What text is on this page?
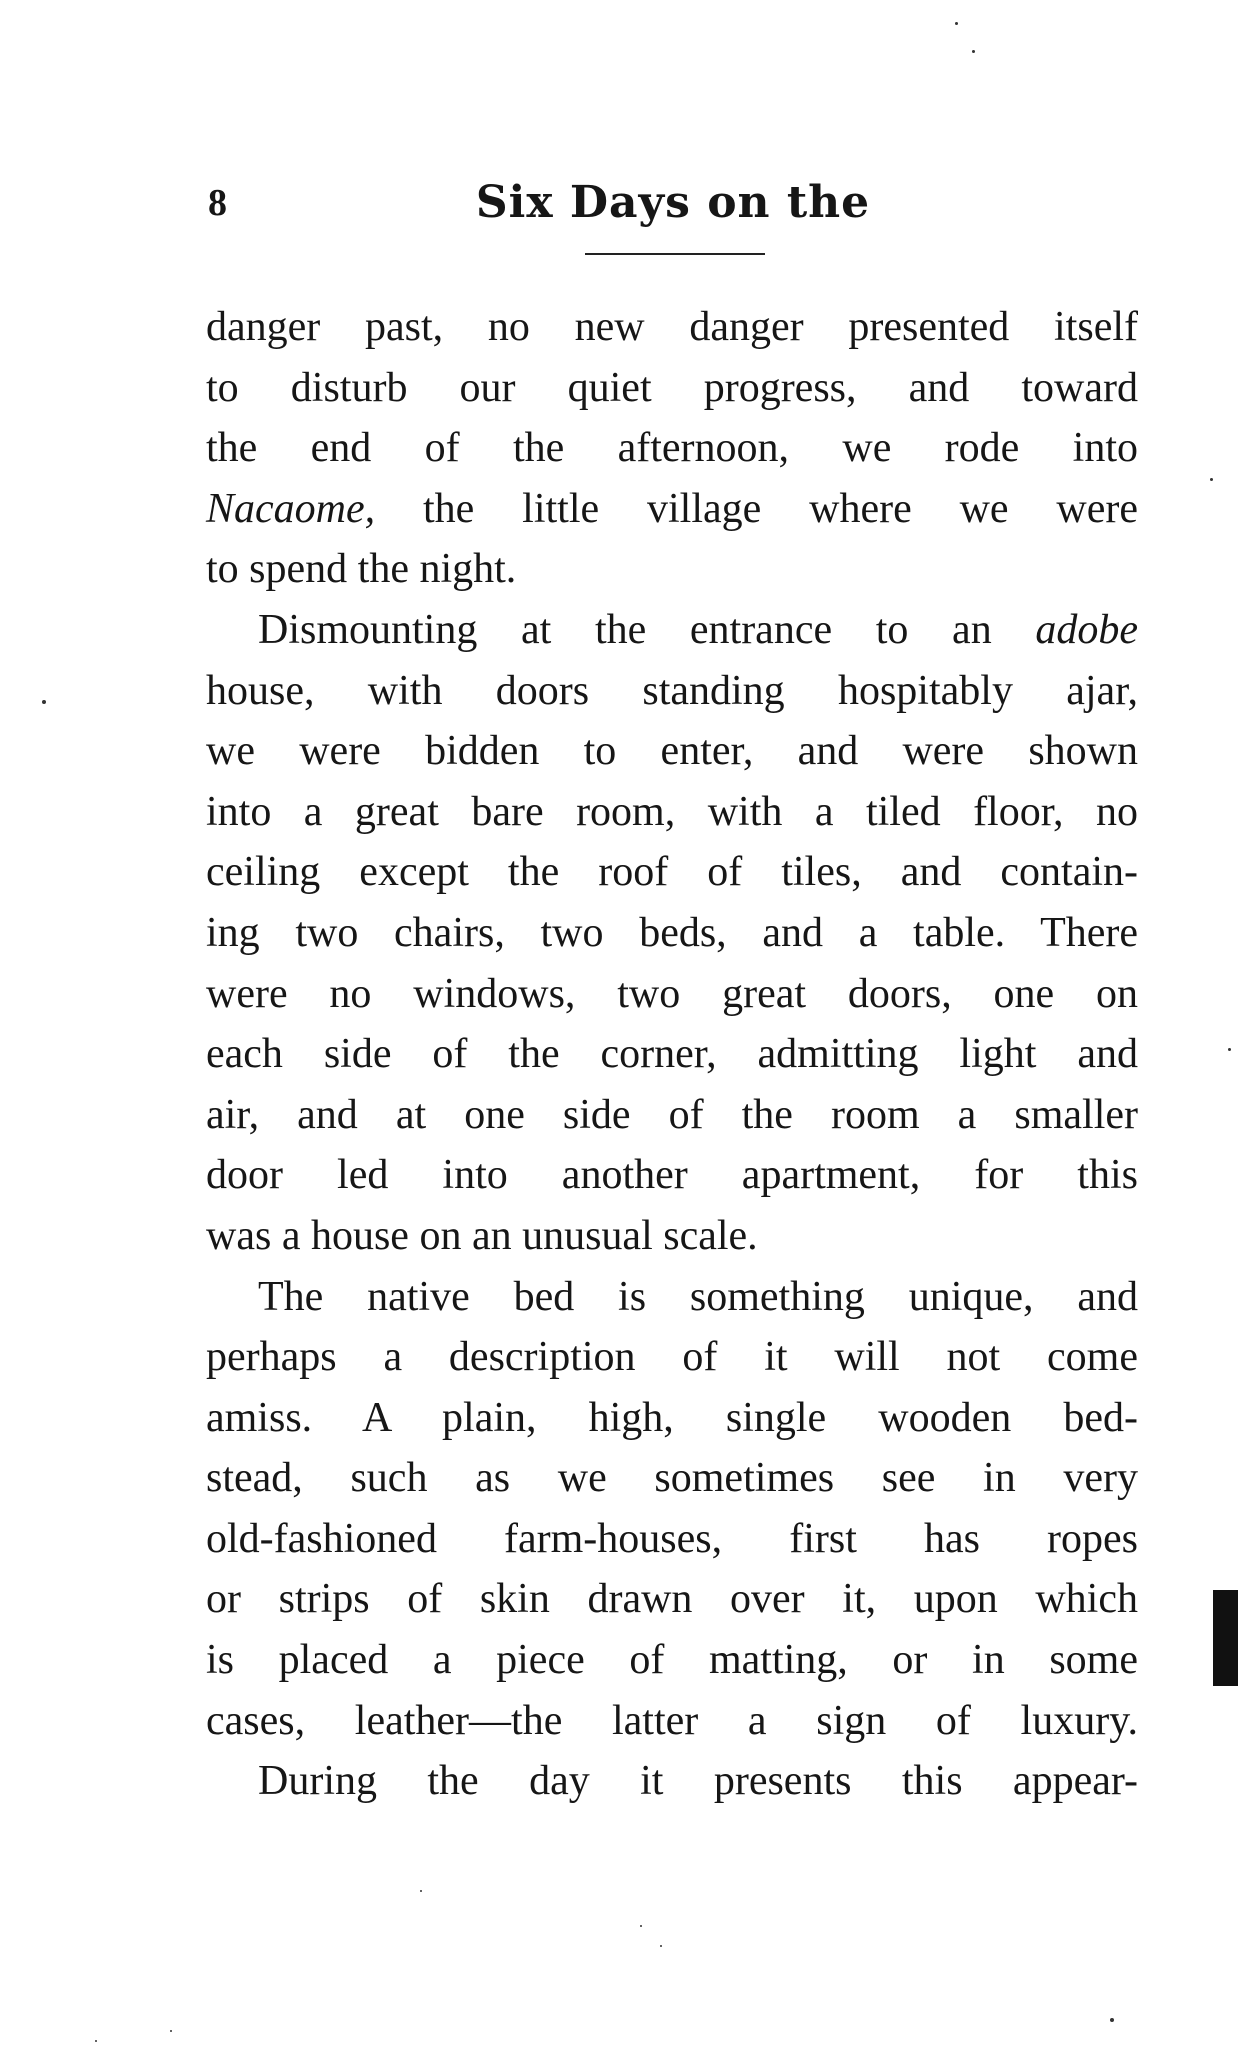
8	Six Days on the
danger past, no new danger presented itself
to disturb our quiet progress, and toward
the end of the afternoon, we rode into
Nacaome, the little village where we were
to spend the night.
Dismounting at the entrance to an adobe
house, with doors standing hospitably ajar,
we were bidden to enter, and were shown
into a great bare room, with a tiled floor, no
ceiling except the roof of tiles, and contain-
ing two chairs, two beds, and a table. There
were no windows, two great doors, one on
each side of the corner, admitting light and
air, and at one side of the room a smaller
door led into another apartment, for this
was a house on an unusual scale.
The native bed is something unique, and
perhaps a description of it will not come
amiss. A plain, high, single wooden bed-
stead, such as we sometimes see in very
old-fashioned farm-houses, first has ropes
or strips of skin drawn over it, upon which
is placed a piece of matting, or in some
cases, leather—the latter a sign of luxury.
During the day it presents this appear-
